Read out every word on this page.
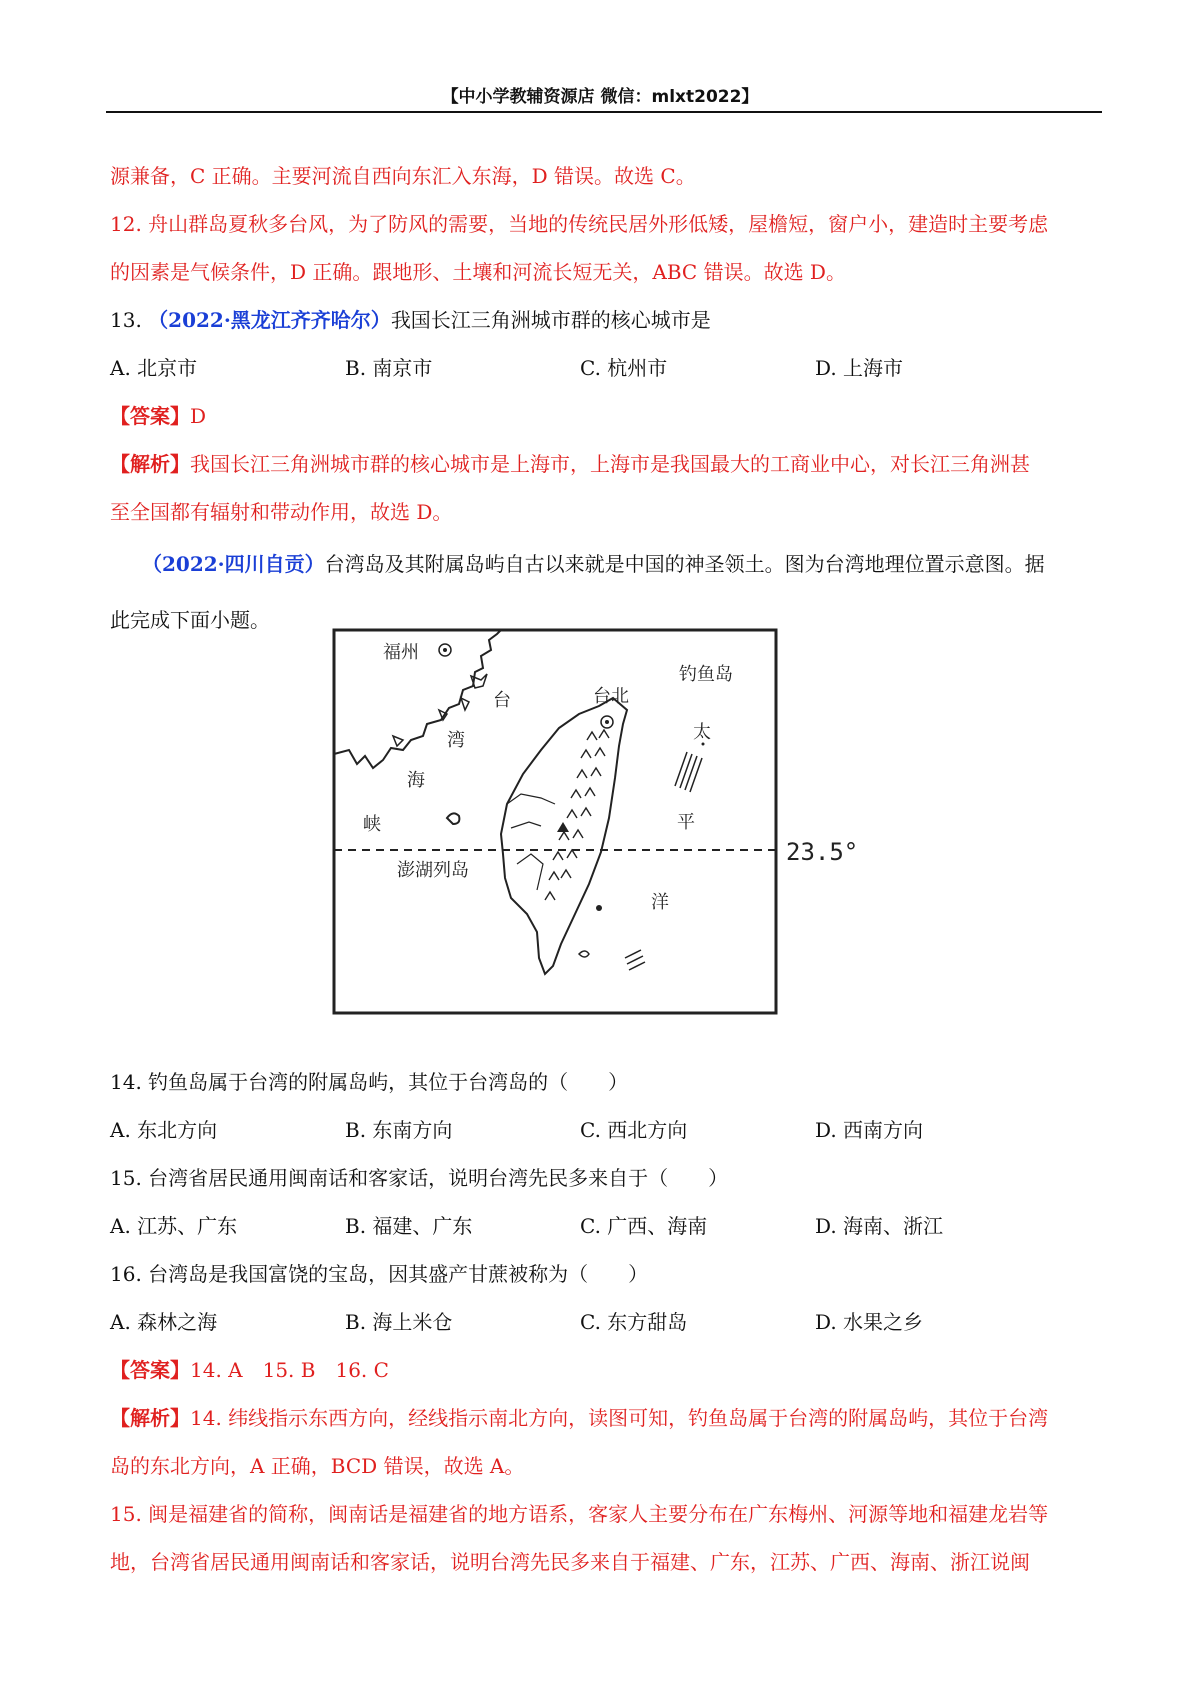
【中小学教辅资源店 微信：mlxt2022】

源兼备，C 正确。主要河流自西向东汇入东海，D 错误。故选 C。

12. 舟山群岛夏秋多台风，为了防风的需要，当地的传统民居外形低矮，屋檐短，窗户小，建造时主要考虑

的因素是气候条件，D 正确。跟地形、土壤和河流长短无关，ABC 错误。故选 D。

13. （2022·黑龙江齐齐哈尔）我国长江三角洲城市群的核心城市是

A. 北京市	B. 南京市	C. 杭州市	D. 上海市

【答案】D

【解析】我国长江三角洲城市群的核心城市是上海市，上海市是我国最大的工商业中心，对长江三角洲甚

至全国都有辐射和带动作用，故选 D。

（2022·四川自贡）台湾岛及其附属岛屿自古以来就是中国的神圣领土。图为台湾地理位置示意图。据

此完成下面小题。

14. 钓鱼岛属于台湾的附属岛屿，其位于台湾岛的（　　）

A. 东北方向	B. 东南方向	C. 西北方向	D. 西南方向

15. 台湾省居民通用闽南话和客家话，说明台湾先民多来自于（　　）

A. 江苏、广东	B. 福建、广东	C. 广西、海南	D. 海南、浙江

16. 台湾岛是我国富饶的宝岛，因其盛产甘蔗被称为（　　）

A. 森林之海	B. 海上米仓	C. 东方甜岛	D. 水果之乡

【答案】14. A　15. B　16. C

【解析】14. 纬线指示东西方向，经线指示南北方向，读图可知，钓鱼岛属于台湾的附属岛屿，其位于台湾

岛的东北方向，A 正确，BCD 错误，故选 A。

15. 闽是福建省的简称，闽南话是福建省的地方语系，客家人主要分布在广东梅州、河源等地和福建龙岩等

地，台湾省居民通用闽南话和客家话，说明台湾先民多来自于福建、广东，江苏、广西、海南、浙江说闽

福州
台北
钓鱼岛
台
湾
海
峡
太
平
洋
澎湖列岛
23.5°
